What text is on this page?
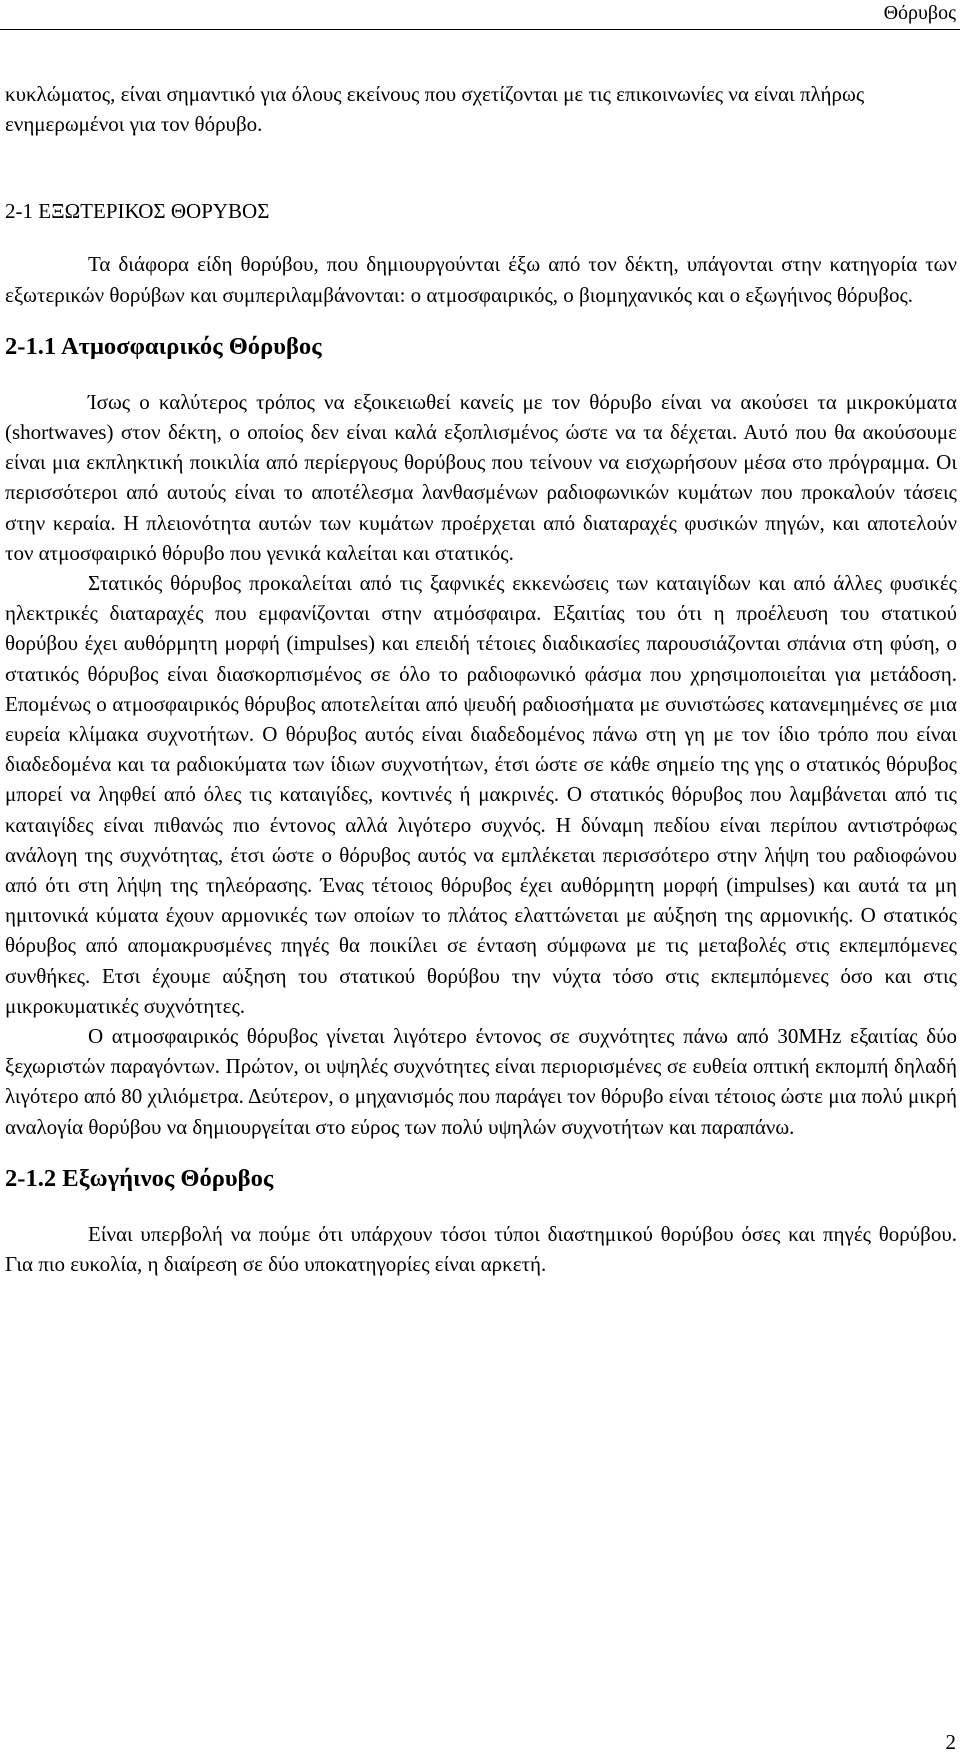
Θόρυβος

κυκλώματος, είναι σημαντικό για όλους εκείνους που σχετίζονται με τις επικοινωνίες να είναι πλήρως ενημερωμένοι για τον θόρυβο.

2-1 ΕΞΩΤΕΡΙΚΟΣ ΘΟΡΥΒΟΣ

Τα διάφορα είδη θορύβου, που δημιουργούνται έξω από τον δέκτη, υπάγονται στην κατηγορία των εξωτερικών θορύβων και συμπεριλαμβάνονται: ο ατμοσφαιρικός, ο βιομηχανικός και ο εξωγήινος θόρυβος.

2-1.1 Ατμοσφαιρικός Θόρυβος

Ίσως ο καλύτερος τρόπος να εξοικειωθεί κανείς με τον θόρυβο είναι να ακούσει τα μικροκύματα (shortwaves) στον δέκτη, ο οποίος δεν είναι καλά εξοπλισμένος ώστε να τα δέχεται. Αυτό που θα ακούσουμε είναι μια εκπληκτική ποικιλία από περίεργους θορύβους που τείνουν να εισχωρήσουν μέσα στο πρόγραμμα. Οι περισσότεροι από αυτούς είναι το αποτέλεσμα λανθασμένων ραδιοφωνικών κυμάτων που προκαλούν τάσεις στην κεραία. Η πλειονότητα αυτών των κυμάτων προέρχεται από διαταραχές φυσικών πηγών, και αποτελούν τον ατμοσφαιρικό θόρυβο που γενικά καλείται και στατικός.

Στατικός θόρυβος προκαλείται από τις ξαφνικές εκκενώσεις των καταιγίδων και από άλλες φυσικές ηλεκτρικές διαταραχές που εμφανίζονται στην ατμόσφαιρα. Εξαιτίας του ότι η προέλευση του στατικού θορύβου έχει αυθόρμητη μορφή (impulses) και επειδή τέτοιες διαδικασίες παρουσιάζονται σπάνια στη φύση, ο στατικός θόρυβος είναι διασκορπισμένος σε όλο το ραδιοφωνικό φάσμα που χρησιμοποιείται για μετάδοση. Επομένως ο ατμοσφαιρικός θόρυβος αποτελείται από ψευδή ραδιοσήματα με συνιστώσες κατανεμημένες σε μια ευρεία κλίμακα συχνοτήτων. Ο θόρυβος αυτός είναι διαδεδομένος πάνω στη γη με τον ίδιο τρόπο που είναι διαδεδομένα και τα ραδιοκύματα των ίδιων συχνοτήτων, έτσι ώστε σε κάθε σημείο της γης ο στατικός θόρυβος μπορεί να ληφθεί από όλες τις καταιγίδες, κοντινές ή μακρινές. Ο στατικός θόρυβος που λαμβάνεται από τις καταιγίδες είναι πιθανώς πιο έντονος αλλά λιγότερο συχνός. Η δύναμη πεδίου είναι περίπου αντιστρόφως ανάλογη της συχνότητας, έτσι ώστε ο θόρυβος αυτός να εμπλέκεται περισσότερο στην λήψη του ραδιοφώνου από ότι στη λήψη της τηλεόρασης. Ένας τέτοιος θόρυβος έχει αυθόρμητη μορφή (impulses) και αυτά τα μη ημιτονικά κύματα έχουν αρμονικές των οποίων το πλάτος ελαττώνεται με αύξηση της αρμονικής. Ο στατικός θόρυβος από απομακρυσμένες πηγές θα ποικίλει σε ένταση σύμφωνα με τις μεταβολές στις εκπεμπόμενες συνθήκες. Ετσι έχουμε αύξηση του στατικού θορύβου την νύχτα τόσο στις εκπεμπόμενες όσο και στις μικροκυματικές συχνότητες.

Ο ατμοσφαιρικός θόρυβος γίνεται λιγότερο έντονος σε συχνότητες πάνω από 30MHz εξαιτίας δύο ξεχωριστών παραγόντων. Πρώτον, οι υψηλές συχνότητες είναι περιορισμένες σε ευθεία οπτική εκπομπή δηλαδή λιγότερο από 80 χιλιόμετρα. Δεύτερον, ο μηχανισμός που παράγει τον θόρυβο είναι τέτοιος ώστε μια πολύ μικρή αναλογία θορύβου να δημιουργείται στο εύρος των πολύ υψηλών συχνοτήτων και παραπάνω.

2-1.2 Εξωγήινος Θόρυβος

Είναι υπερβολή να πούμε ότι υπάρχουν τόσοι τύποι διαστημικού θορύβου όσες και πηγές θορύβου. Για πιο ευκολία, η διαίρεση σε δύο υποκατηγορίες είναι αρκετή.

2
